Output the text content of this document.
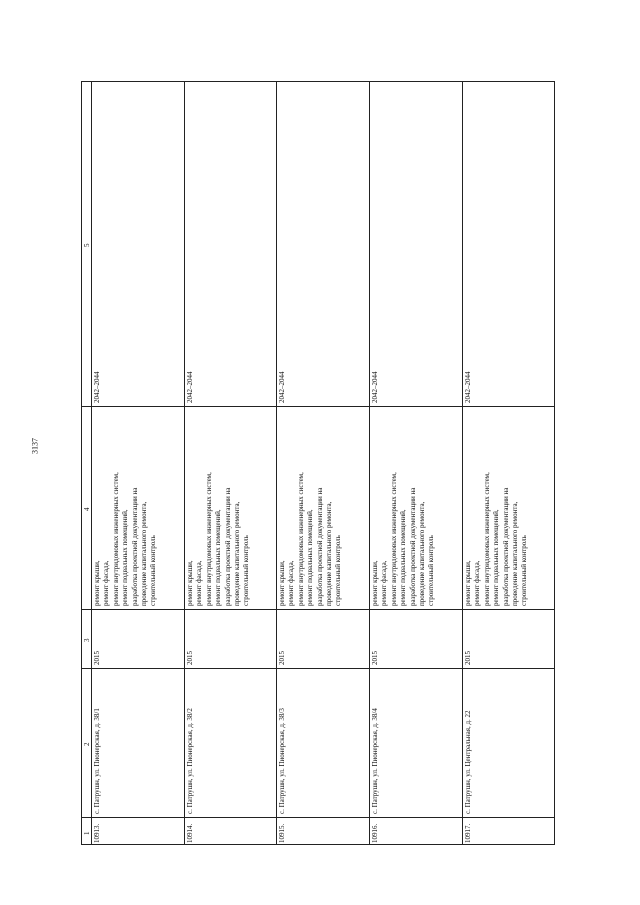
3137
1
2
3
4
5
10913.
с. Патрушн, ул. Пионерская, д. 38/1
2015
ремонт крыши, ремонт фасада, ремонт внутридомовых инженерных систем, ремонт подвальных помещений, разработка проектной документации на проведение капитального ремонта, строительный контроль
2042–2044
10914.
с. Патрушн, ул. Пионерская, д. 38/2
2015
ремонт крыши, ремонт фасада, ремонт внутридомовых инженерных систем, ремонт подвальных помещений, разработка проектной документации на проведение капитального ремонта, строительный контроль
2042–2044
10915.
с. Патрушн, ул. Пионерская, д. 38/3
2015
ремонт крыши, ремонт фасада, ремонт внутридомовых инженерных систем, ремонт подвальных помещений, разработка проектной документации на проведение капитального ремонта, строительный контроль
2042–2044
10916.
с. Патрушн, ул. Пионерская, д. 38/4
2015
ремонт крыши, ремонт фасада, ремонт внутридомовых инженерных систем, ремонт подвальных помещений, разработка проектной документации на проведение капитального ремонта, строительный контроль
2042–2044
10917.
с. Патрушн, ул. Центральная, д. 22
2015
ремонт крыши, ремонт фасада, ремонт внутридомовых инженерных систем, ремонт подвальных помещений, разработка проектной документации на проведение капитального ремонта, строительный контроль
2042–2044
